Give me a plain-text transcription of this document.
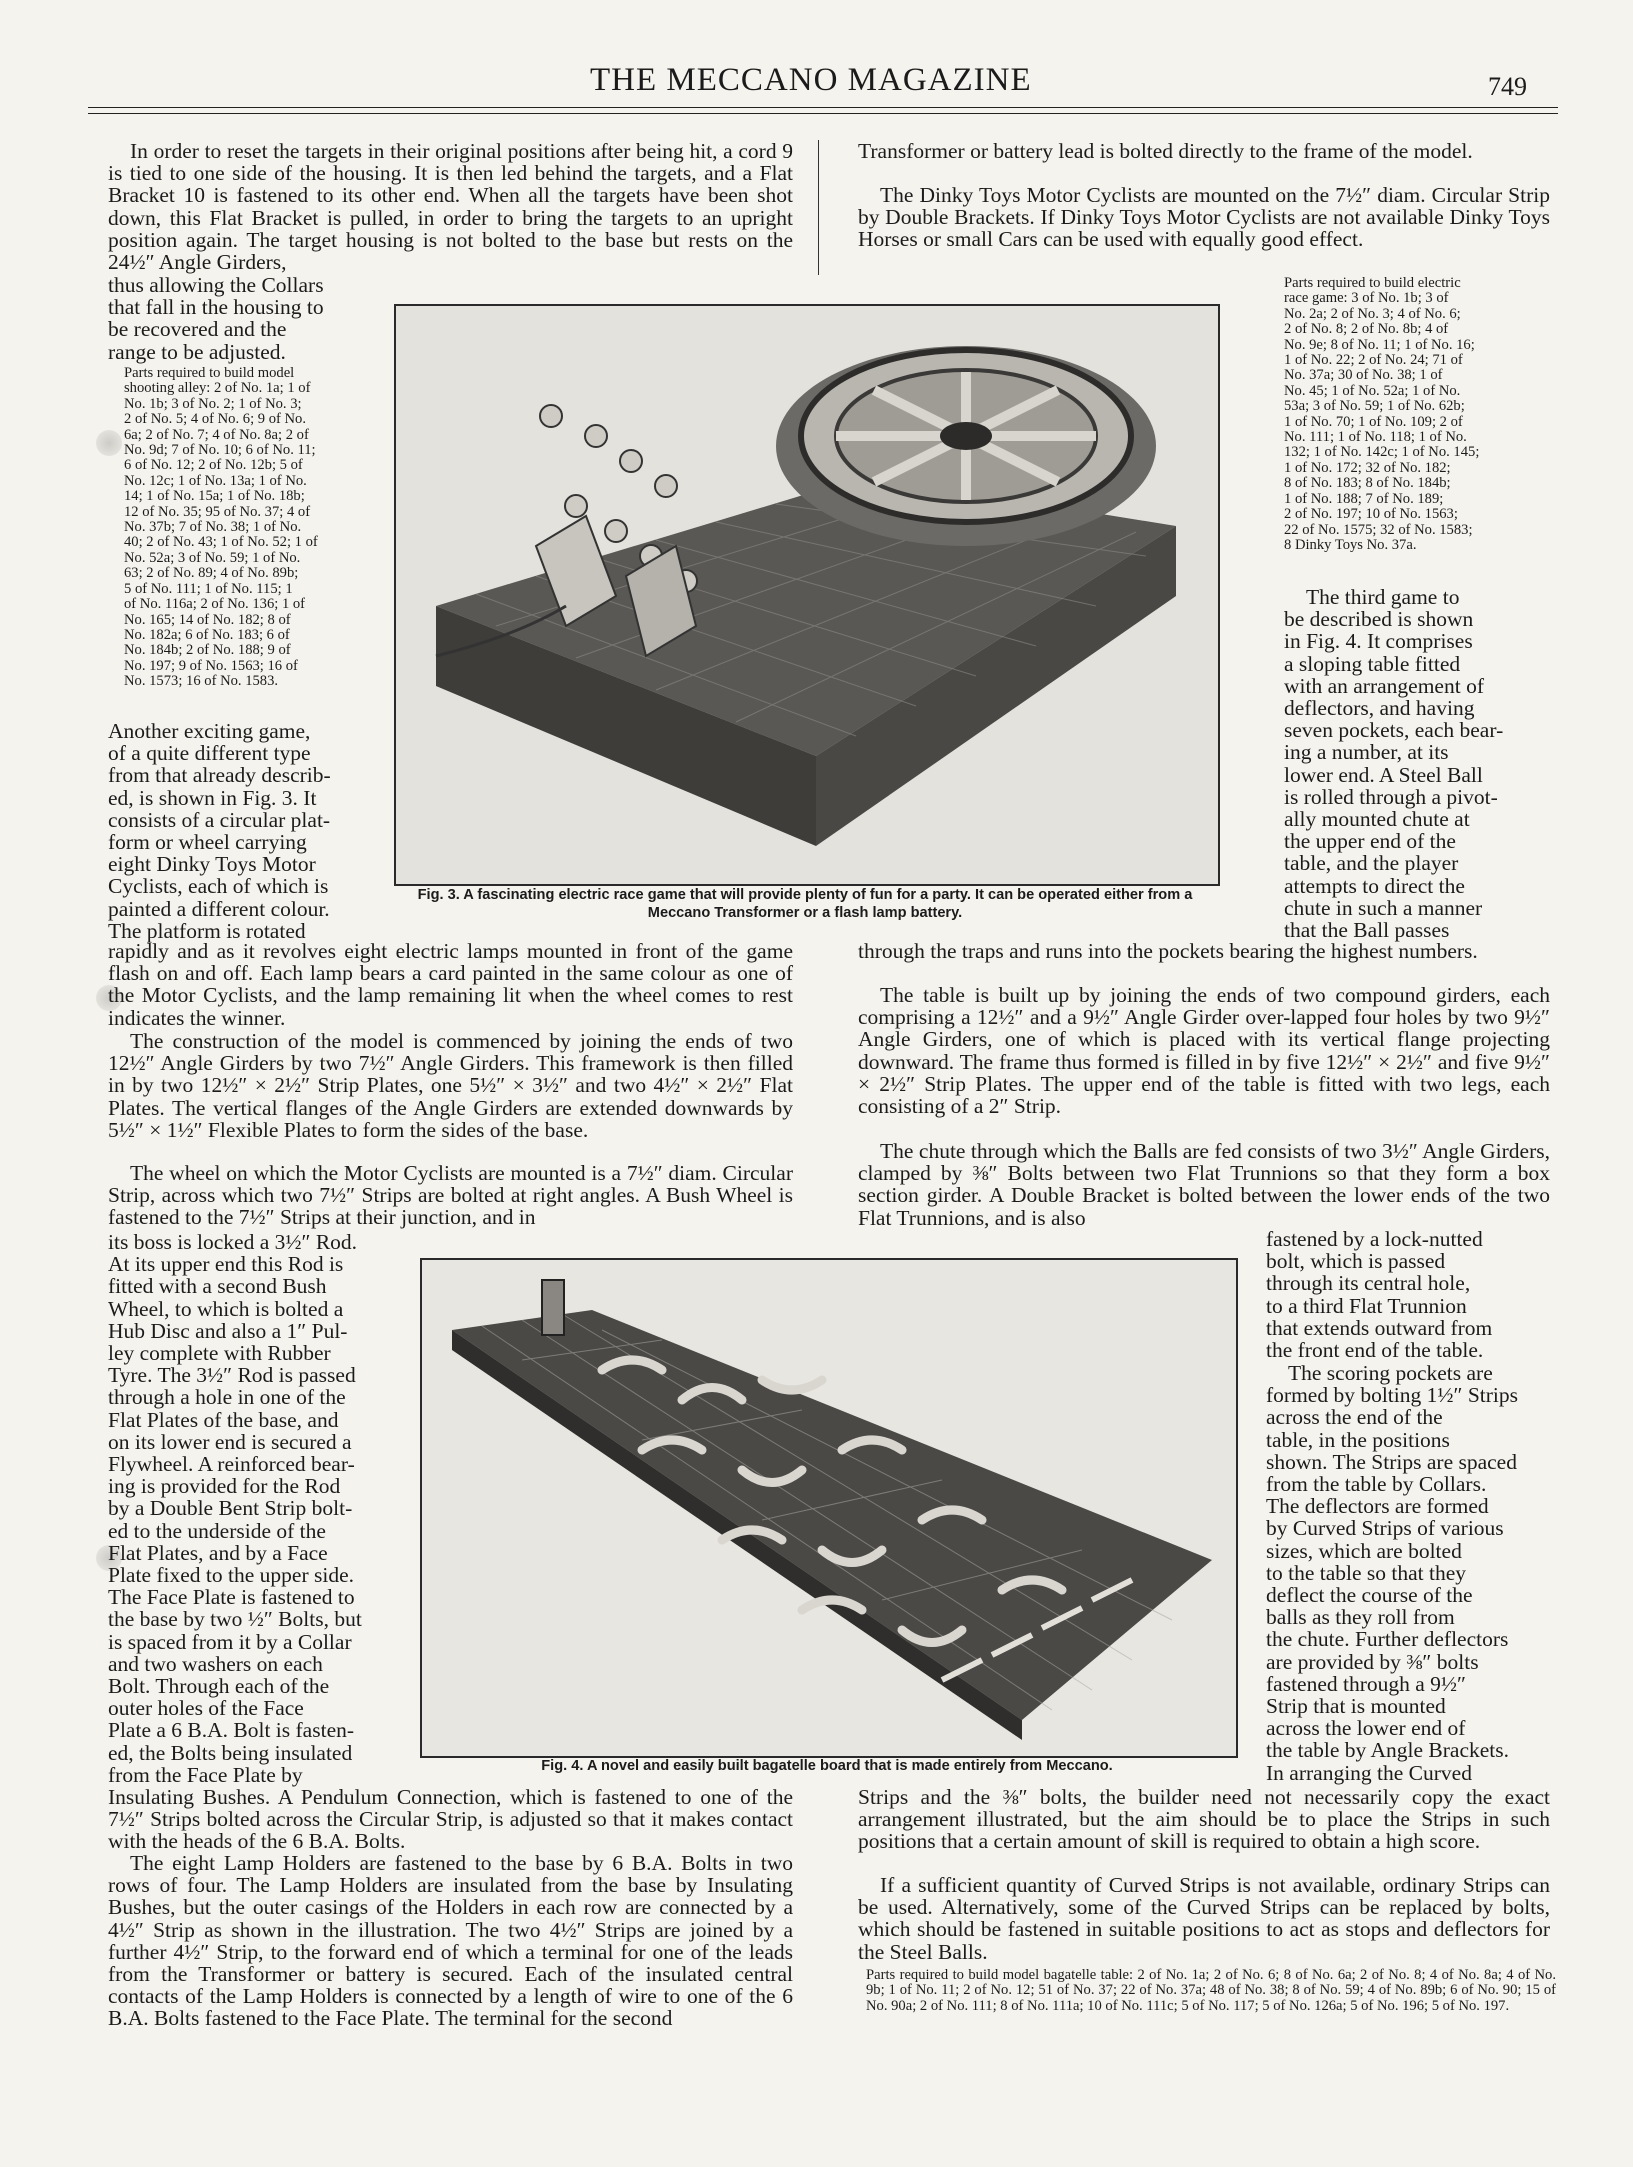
THE MECCANO MAGAZINE	749

In order to reset the targets in their original positions after being hit, a cord 9 is tied to one side of the housing. It is then led behind the targets, and a Flat Bracket 10 is fastened to its other end. When all the targets have been shot down, this Flat Bracket is pulled, in order to bring the targets to an upright position again. The target housing is not bolted to the base but rests on the 24½″ Angle Girders,

thus allowing the Collars
that fall in the housing to
be recovered and the
range to be adjusted.

Parts required to build model
shooting alley: 2 of No. 1a; 1 of
No. 1b; 3 of No. 2; 1 of No. 3;
2 of No. 5; 4 of No. 6; 9 of No.
6a; 2 of No. 7; 4 of No. 8a; 2 of
No. 9d; 7 of No. 10; 6 of No. 11;
6 of No. 12; 2 of No. 12b; 5 of
No. 12c; 1 of No. 13a; 1 of No.
14; 1 of No. 15a; 1 of No. 18b;
12 of No. 35; 95 of No. 37; 4 of
No. 37b; 7 of No. 38; 1 of No.
40; 2 of No. 43; 1 of No. 52; 1 of
No. 52a; 3 of No. 59; 1 of No.
63; 2 of No. 89; 4 of No. 89b;
5 of No. 111; 1 of No. 115; 1
of No. 116a; 2 of No. 136; 1 of
No. 165; 14 of No. 182; 8 of
No. 182a; 6 of No. 183; 6 of
No. 184b; 2 of No. 188; 9 of
No. 197; 9 of No. 1563; 16 of
No. 1573; 16 of No. 1583.

Another exciting game,
of a quite different type
from that already describ-
ed, is shown in Fig. 3. It
consists of a circular plat-
form or wheel carrying
eight Dinky Toys Motor
Cyclists, each of which is
painted a different colour.
The platform is rotated

Fig. 3. A fascinating electric race game that will provide plenty of fun for a party. It can be operated either from a Meccano Transformer or a flash lamp battery.

rapidly and as it revolves eight electric lamps mounted in front of the game flash on and off. Each lamp bears a card painted in the same colour as one of the Motor Cyclists, and the lamp remaining lit when the wheel comes to rest indicates the winner.

The construction of the model is commenced by joining the ends of two 12½″ Angle Girders by two 7½″ Angle Girders. This framework is then filled in by two 12½″ × 2½″ Strip Plates, one 5½″ × 3½″ and two 4½″ × 2½″ Flat Plates. The vertical flanges of the Angle Girders are extended downwards by 5½″ × 1½″ Flexible Plates to form the sides of the base.

The wheel on which the Motor Cyclists are mounted is a 7½″ diam. Circular Strip, across which two 7½″ Strips are bolted at right angles. A Bush Wheel is fastened to the 7½″ Strips at their junction, and in

its boss is locked a 3½″ Rod.
At its upper end this Rod is
fitted with a second Bush
Wheel, to which is bolted a
Hub Disc and also a 1″ Pul-
ley complete with Rubber
Tyre. The 3½″ Rod is passed
through a hole in one of the
Flat Plates of the base, and
on its lower end is secured a
Flywheel. A reinforced bear-
ing is provided for the Rod
by a Double Bent Strip bolt-
ed to the underside of the
Flat Plates, and by a Face
Plate fixed to the upper side.
The Face Plate is fastened to
the base by two ½″ Bolts, but
is spaced from it by a Collar
and two washers on each
Bolt. Through each of the
outer holes of the Face
Plate a 6 B.A. Bolt is fasten-
ed, the Bolts being insulated
from the Face Plate by	Fig. 4. A novel and easily built bagatelle board that is made entirely from Meccano.

Insulating Bushes. A Pendulum Connection, which is fastened to one of the 7½″ Strips bolted across the Circular Strip, is adjusted so that it makes contact with the heads of the 6 B.A. Bolts.

The eight Lamp Holders are fastened to the base by 6 B.A. Bolts in two rows of four. The Lamp Holders are insulated from the base by Insulating Bushes, but the outer casings of the Holders in each row are connected by a 4½″ Strip as shown in the illustration. The two 4½″ Strips are joined by a further 4½″ Strip, to the forward end of which a terminal for one of the leads from the Transformer or battery is secured. Each of the insulated central contacts of the Lamp Holders is connected by a length of wire to one of the 6 B.A. Bolts fastened to the Face Plate. The terminal for the second

Transformer or battery lead is bolted directly to the frame of the model.

The Dinky Toys Motor Cyclists are mounted on the 7½″ diam. Circular Strip by Double Brackets. If Dinky Toys Motor Cyclists are not available Dinky Toys Horses or small Cars can be used with equally good effect.

Parts required to build electric
race game: 3 of No. 1b; 3 of
No. 2a; 2 of No. 3; 4 of No. 6;
2 of No. 8; 2 of No. 8b; 4 of
No. 9e; 8 of No. 11; 1 of No. 16;
1 of No. 22; 2 of No. 24; 71 of
No. 37a; 30 of No. 38; 1 of
No. 45; 1 of No. 52a; 1 of No.
53a; 3 of No. 59; 1 of No. 62b;
1 of No. 70; 1 of No. 109; 2 of
No. 111; 1 of No. 118; 1 of No.
132; 1 of No. 142c; 1 of No. 145;
1 of No. 172; 32 of No. 182;
8 of No. 183; 8 of No. 184b;
1 of No. 188; 7 of No. 189;
2 of No. 197; 10 of No. 1563;
22 of No. 1575; 32 of No. 1583;
8 Dinky Toys No. 37a.

The third game to
be described is shown
in Fig. 4. It comprises
a sloping table fitted
with an arrangement of
deflectors, and having
seven pockets, each bear-
ing a number, at its
lower end. A Steel Ball
is rolled through a pivot-
ally mounted chute at
the upper end of the
table, and the player
attempts to direct the
chute in such a manner
that the Ball passes

through the traps and runs into the pockets bearing the highest numbers.

The table is built up by joining the ends of two compound girders, each comprising a 12½″ and a 9½″ Angle Girder over-lapped four holes by two 9½″ Angle Girders, one of which is placed with its vertical flange projecting downward. The frame thus formed is filled in by five 12½″ × 2½″ and five 9½″ × 2½″ Strip Plates. The upper end of the table is fitted with two legs, each consisting of a 2″ Strip.

The chute through which the Balls are fed consists of two 3½″ Angle Girders, clamped by ⅜″ Bolts between two Flat Trunnions so that they form a box section girder. A Double Bracket is bolted between the lower ends of the two Flat Trunnions, and is also

fastened by a lock-nutted
bolt, which is passed
through its central hole,
to a third Flat Trunnion
that extends outward from
the front end of the table.

The scoring pockets are
formed by bolting 1½″ Strips
across the end of the
table, in the positions
shown. The Strips are spaced
from the table by Collars.
The deflectors are formed
by Curved Strips of various
sizes, which are bolted
to the table so that they
deflect the course of the
balls as they roll from
the chute. Further deflectors
are provided by ⅜″ bolts
fastened through a 9½″
Strip that is mounted
across the lower end of
the table by Angle Brackets.
In arranging the Curved

Strips and the ⅜″ bolts, the builder need not necessarily copy the exact arrangement illustrated, but the aim should be to place the Strips in such positions that a certain amount of skill is required to obtain a high score.

If a sufficient quantity of Curved Strips is not available, ordinary Strips can be used. Alternatively, some of the Curved Strips can be replaced by bolts, which should be fastened in suitable positions to act as stops and deflectors for the Steel Balls.

Parts required to build model bagatelle table: 2 of No. 1a; 2 of No. 6; 8 of No. 6a; 2 of No. 8; 4 of No. 8a; 4 of No. 9b; 1 of No. 11; 2 of No. 12; 51 of No. 37; 22 of No. 37a; 48 of No. 38; 8 of No. 59; 4 of No. 89b; 6 of No. 90; 15 of No. 90a; 2 of No. 111; 8 of No. 111a; 10 of No. 111c; 5 of No. 117; 5 of No. 126a; 5 of No. 196; 5 of No. 197.
